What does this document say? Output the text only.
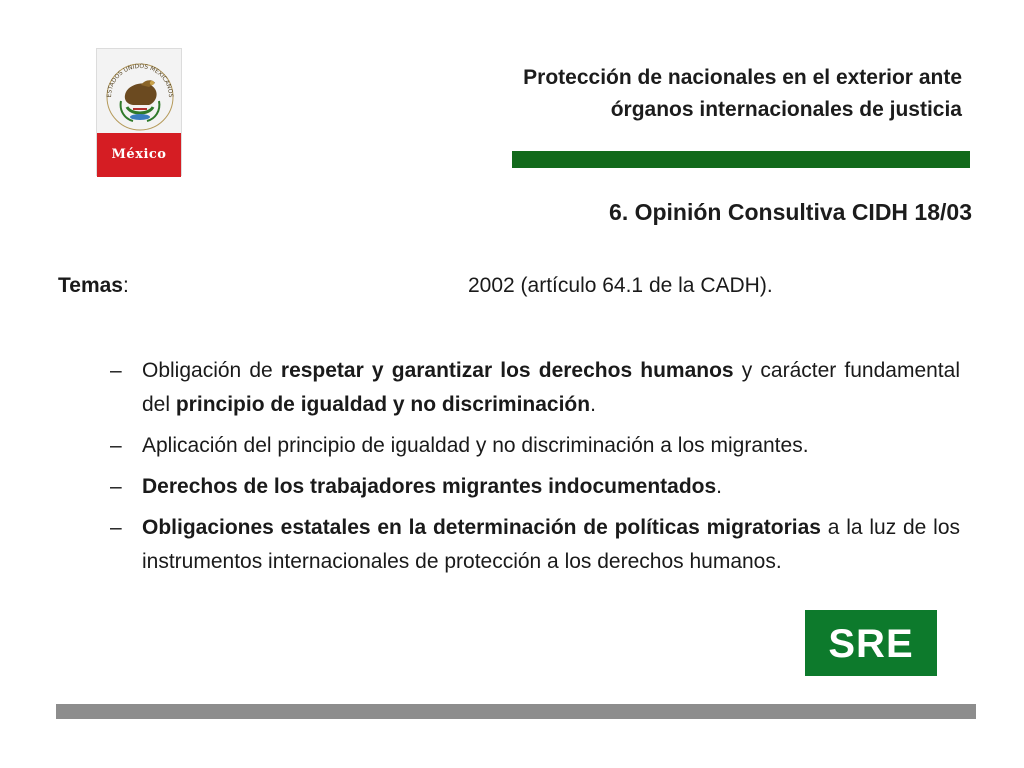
ESTADOS UNIDOS MEXICANOS
México
Protección de nacionales en el exterior ante
órganos internacionales de justicia
6. Opinión Consultiva CIDH 18/03
Temas:	2002 (artículo 64.1 de la CADH).
– Obligación de respetar y garantizar los derechos humanos y carácter fundamental del principio de igualdad y no discriminación.
– Aplicación del principio de igualdad y no discriminación a los migrantes.
– Derechos de los trabajadores migrantes indocumentados.
– Obligaciones estatales en la determinación de políticas migratorias a la luz de los instrumentos internacionales de protección a los derechos humanos.
SRE
